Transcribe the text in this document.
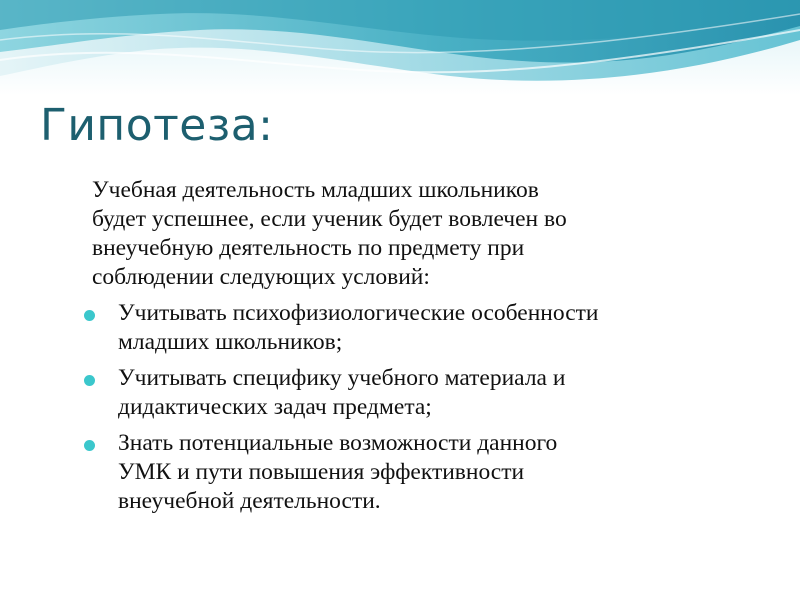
Гипотеза:
Учебная деятельность младших школьников
будет успешнее, если ученик будет вовлечен во
внеучебную деятельность по предмету при
соблюдении следующих условий:
Учитывать психофизиологические особенности
младших школьников;
Учитывать специфику учебного материала и
дидактических задач предмета;
Знать потенциальные возможности данного
УМК и пути повышения эффективности
внеучебной деятельности.
